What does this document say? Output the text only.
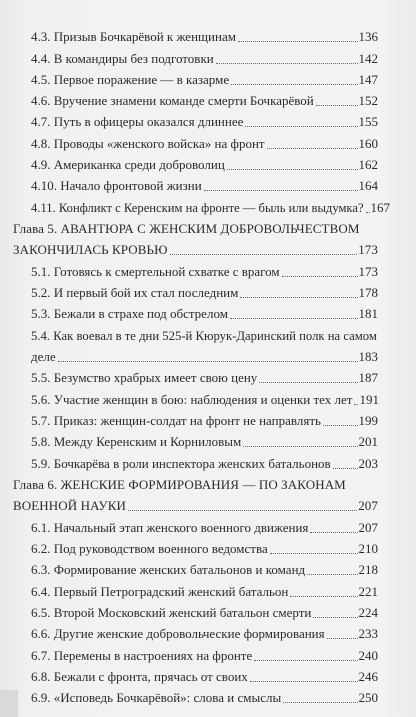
4.3. Призыв Бочкарёвой к женщинам	136
4.4. В командиры без подготовки	142
4.5. Первое поражение — в казарме	147
4.6. Вручение знамени команде смерти Бочкарёвой	152
4.7. Путь в офицеры оказался длиннее	155
4.8. Проводы «женского войска» на фронт	160
4.9. Американка среди доброволиц	162
4.10. Начало фронтовой жизни	164
4.11. Конфликт с Керенским на фронте — быль или выдумка? 167
Глава 5. АВАНТЮРА С ЖЕНСКИМ ДОБРОВОЛЬЧЕСТВОМ
ЗАКОНЧИЛАСЬ КРОВЬЮ	173
5.1. Готовясь к смертельной схватке с врагом	173
5.2. И первый бой их стал последним	178
5.3. Бежали в страхе под обстрелом	181
5.4. Как воевал в те дни 525-й Кюрук-Даринский полк на самом
деле	183
5.5. Безумство храбрых имеет свою цену	187
5.6. Участие женщин в бою: наблюдения и оценки тех лет 191
5.7. Приказ: женщин-солдат на фронт не направлять	199
5.8. Между Керенским и Корниловым	201
5.9. Бочкарёва в роли инспектора женских батальонов 203
Глава 6. ЖЕНСКИЕ ФОРМИРОВАНИЯ — ПО ЗАКОНАМ
ВОЕННОЙ НАУКИ	207
6.1. Начальный этап женского военного движения	207
6.2. Под руководством военного ведомства	210
6.3. Формирование женских батальонов и команд	218
6.4. Первый Петроградский женский батальон	221
6.5. Второй Московский женский батальон смерти	224
6.6. Другие женские добровольческие формирования	233
6.7. Перемены в настроениях на фронте	240
6.8. Бежали с фронта, прячась от своих	246
6.9. «Исповедь Бочкарёвой»: слова и смыслы	250
